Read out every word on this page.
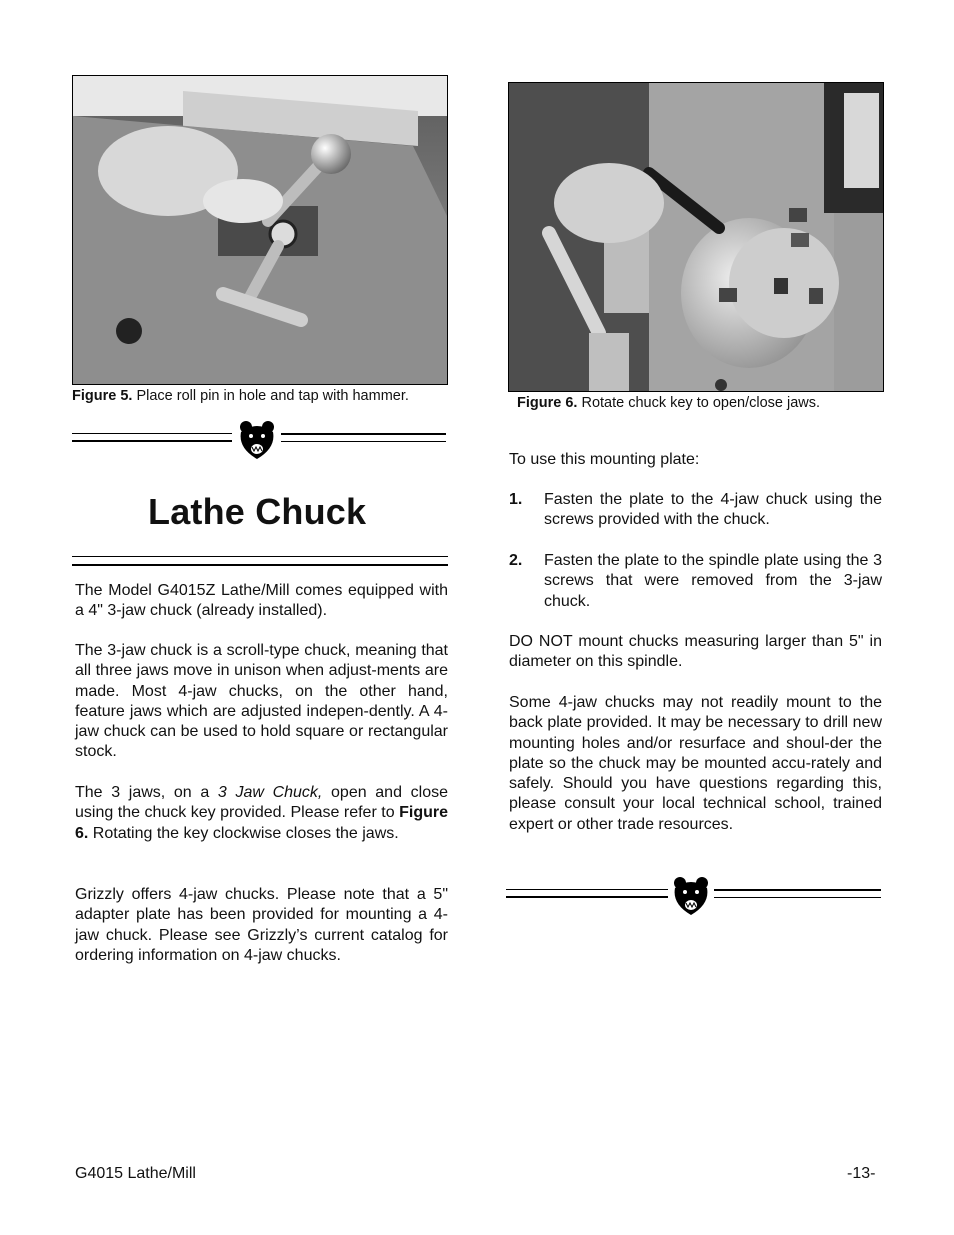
Figure 5. Place roll pin in hole and tap with hammer.	Figure 6. Rotate chuck key to open/close jaws.
Lathe Chuck

The Model G4015Z Lathe/Mill comes equipped with a 4" 3-jaw chuck (already installed).

The 3-jaw chuck is a scroll-type chuck, meaning that all three jaws move in unison when adjust-ments are made. Most 4-jaw chucks, on the other hand, feature jaws which are adjusted indepen-dently. A 4-jaw chuck can be used to hold square or rectangular stock.

The 3 jaws, on a 3 Jaw Chuck, open and close using the chuck key provided. Please refer to Figure 6. Rotating the key clockwise closes the jaws.

Grizzly offers 4-jaw chucks. Please note that a 5" adapter plate has been provided for mounting a 4-jaw chuck. Please see Grizzly’s current catalog for ordering information on 4-jaw chucks.

To use this mounting plate:

1. Fasten the plate to the 4-jaw chuck using the screws provided with the chuck.

2. Fasten the plate to the spindle plate using the 3 screws that were removed from the 3-jaw chuck.

DO NOT mount chucks measuring larger than 5" in diameter on this spindle.

Some 4-jaw chucks may not readily mount to the back plate provided. It may be necessary to drill new mounting holes and/or resurface and shoul-der the plate so the chuck may be mounted accu-rately and safely. Should you have questions regarding this, please consult your local technical school, trained expert or other trade resources.

G4015 Lathe/Mill	-13-
